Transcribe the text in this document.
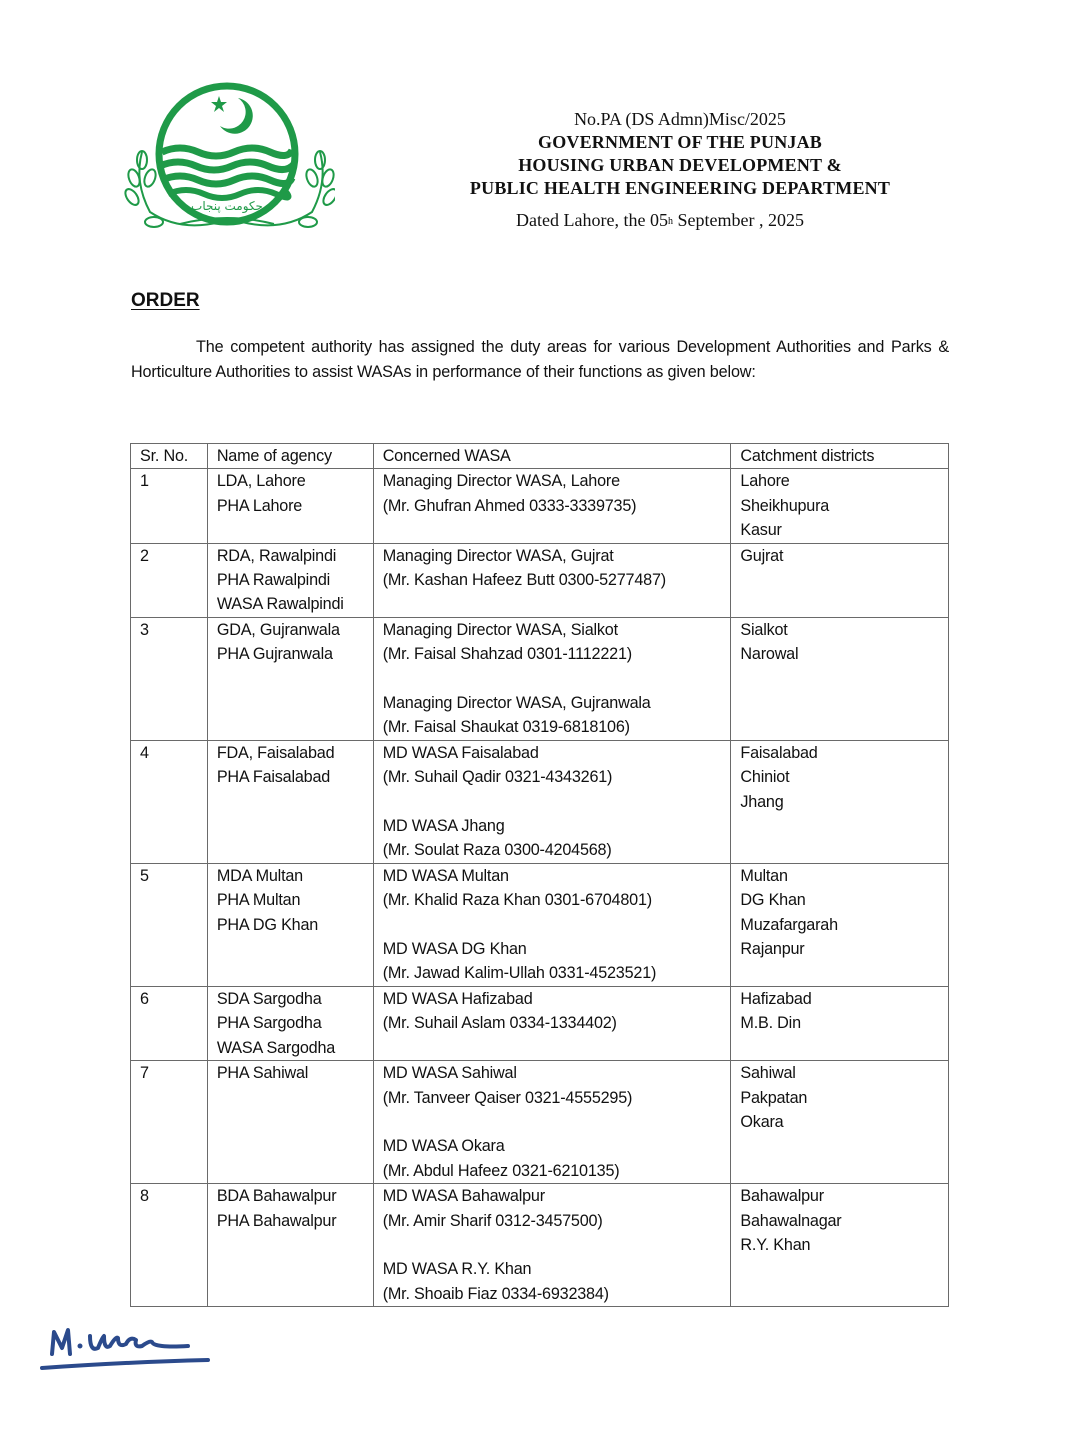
حکومت پنجاب
No.PA (DS Admn)Misc/2025
GOVERNMENT OF THE PUNJAB
HOUSING URBAN DEVELOPMENT &
PUBLIC HEALTH ENGINEERING DEPARTMENT
Dated Lahore, the 05$^h$ September , 2025
ORDER
The competent authority has assigned the duty areas for various Development Authorities and Parks & Horticulture Authorities to assist WASAs in performance of their functions as given below:
Sr. No.	Name of agency	Concerned WASA	Catchment districts
1	LDA, Lahore
PHA Lahore	Managing Director WASA, Lahore
(Mr. Ghufran Ahmed 0333-3339735)	Lahore
Sheikhupura
Kasur

2	RDA, Rawalpindi
PHA Rawalpindi
WASA Rawalpindi	Managing Director WASA, Gujrat
(Mr. Kashan Hafeez Butt 0300-5277487)	Gujrat

3	GDA, Gujranwala
PHA Gujranwala	Managing Director WASA, Sialkot
(Mr. Faisal Shahzad 0301-1112221)
Managing Director WASA, Gujranwala
(Mr. Faisal Shaukat 0319-6818106)	Sialkot
Narowal

4	FDA, Faisalabad
PHA Faisalabad	MD WASA Faisalabad
(Mr. Suhail Qadir 0321-4343261)
MD WASA Jhang
(Mr. Soulat Raza 0300-4204568)	Faisalabad
Chiniot
Jhang

5	MDA Multan
PHA Multan
PHA DG Khan	MD WASA Multan
(Mr. Khalid Raza Khan 0301-6704801)
MD WASA DG Khan
(Mr. Jawad Kalim-Ullah 0331-4523521)	Multan
DG Khan
Muzafargarah
Rajanpur

6	SDA Sargodha
PHA Sargodha
WASA Sargodha	MD WASA Hafizabad
(Mr. Suhail Aslam 0334-1334402)	Hafizabad
M.B. Din

7	PHA Sahiwal	MD WASA Sahiwal
(Mr. Tanveer Qaiser 0321-4555295)
MD WASA Okara
(Mr. Abdul Hafeez 0321-6210135)	Sahiwal
Pakpatan
Okara

8	BDA Bahawalpur
PHA Bahawalpur	MD WASA Bahawalpur
(Mr. Amir Sharif 0312-3457500)
MD WASA R.Y. Khan
(Mr. Shoaib Fiaz 0334-6932384)	Bahawalpur
Bahawalnagar
R.Y. Khan
